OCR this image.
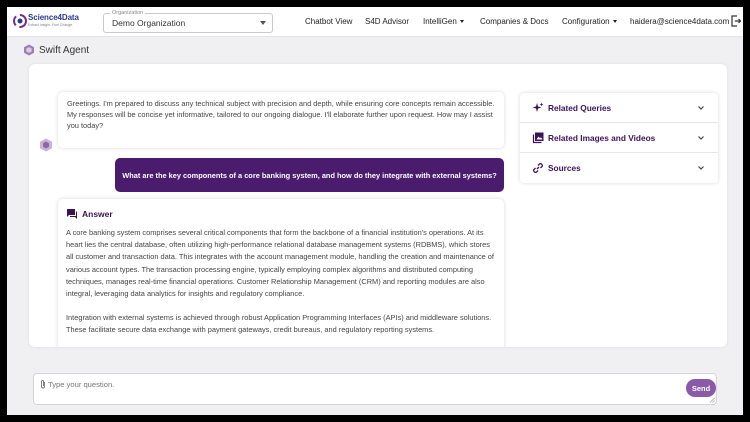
Science4Data
Extract Insight. Fuel Change.	Demo Organization
Organization
Chatbot View S4D Advisor IntelliGen	Companies & Docs Configuration	haidera@science4data.com
Swift Agent

Greetings. I'm prepared to discuss any technical subject with precision and depth, while ensuring core concepts remain accessible. My responses will be concise yet informative, tailored to our ongoing dialogue. I'll elaborate further upon request. How may I assist you today?

What are the key components of a core banking system, and how do they integrate with external systems?
Answer

A core banking system comprises several critical components that form the backbone of a financial institution's operations. At its heart lies the central database, often utilizing high-performance relational database management systems (RDBMS), which stores all customer and transaction data. This integrates with the account management module, handling the creation and maintenance of various account types. The transaction processing engine, typically employing complex algorithms and distributed computing techniques, manages real-time financial operations. Customer Relationship Management (CRM) and reporting modules are also integral, leveraging data analytics for insights and regulatory compliance.

Integration with external systems is achieved through robust Application Programming Interfaces (APIs) and middleware solutions. These facilitate secure data exchange with payment gateways, credit bureaus, and regulatory reporting systems.

Related Queries
Related Images and Videos
Sources
Type your question.
Send
